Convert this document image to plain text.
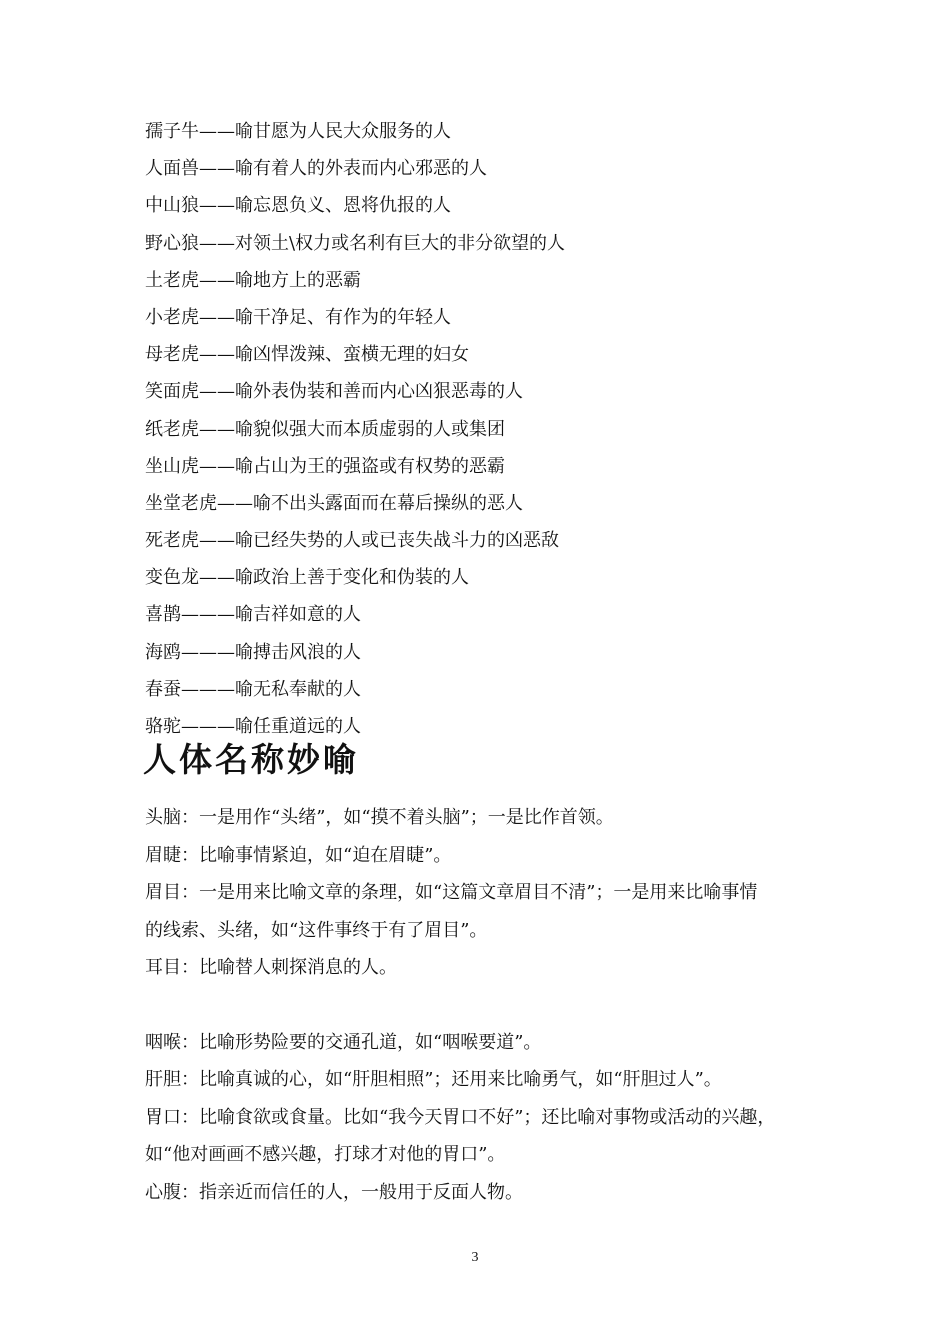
孺子牛——喻甘愿为人民大众服务的人
人面兽——喻有着人的外表而内心邪恶的人
中山狼——喻忘恩负义、恩将仇报的人
野心狼——对领土\权力或名利有巨大的非分欲望的人
土老虎——喻地方上的恶霸
小老虎——喻干净足、有作为的年轻人
母老虎——喻凶悍泼辣、蛮横无理的妇女
笑面虎——喻外表伪装和善而内心凶狠恶毒的人
纸老虎——喻貌似强大而本质虚弱的人或集团
坐山虎——喻占山为王的强盗或有权势的恶霸
坐堂老虎——喻不出头露面而在幕后操纵的恶人
死老虎——喻已经失势的人或已丧失战斗力的凶恶敌
变色龙——喻政治上善于变化和伪装的人
喜鹊———喻吉祥如意的人
海鸥———喻搏击风浪的人
春蚕———喻无私奉献的人
骆驼———喻任重道远的人
人体名称妙喻
头脑：一是用作“头绪”，如“摸不着头脑”；一是比作首领。
眉睫：比喻事情紧迫，如“迫在眉睫”。
眉目：一是用来比喻文章的条理，如“这篇文章眉目不清”；一是用来比喻事情
的线索、头绪，如“这件事终于有了眉目”。
耳目：比喻替人刺探消息的人。
咽喉：比喻形势险要的交通孔道，如“咽喉要道”。
肝胆：比喻真诚的心，如“肝胆相照”；还用来比喻勇气，如“肝胆过人”。
胃口：比喻食欲或食量。比如“我今天胃口不好”；还比喻对事物或活动的兴趣，
如“他对画画不感兴趣，打球才对他的胃口”。
心腹：指亲近而信任的人，一般用于反面人物。
3
